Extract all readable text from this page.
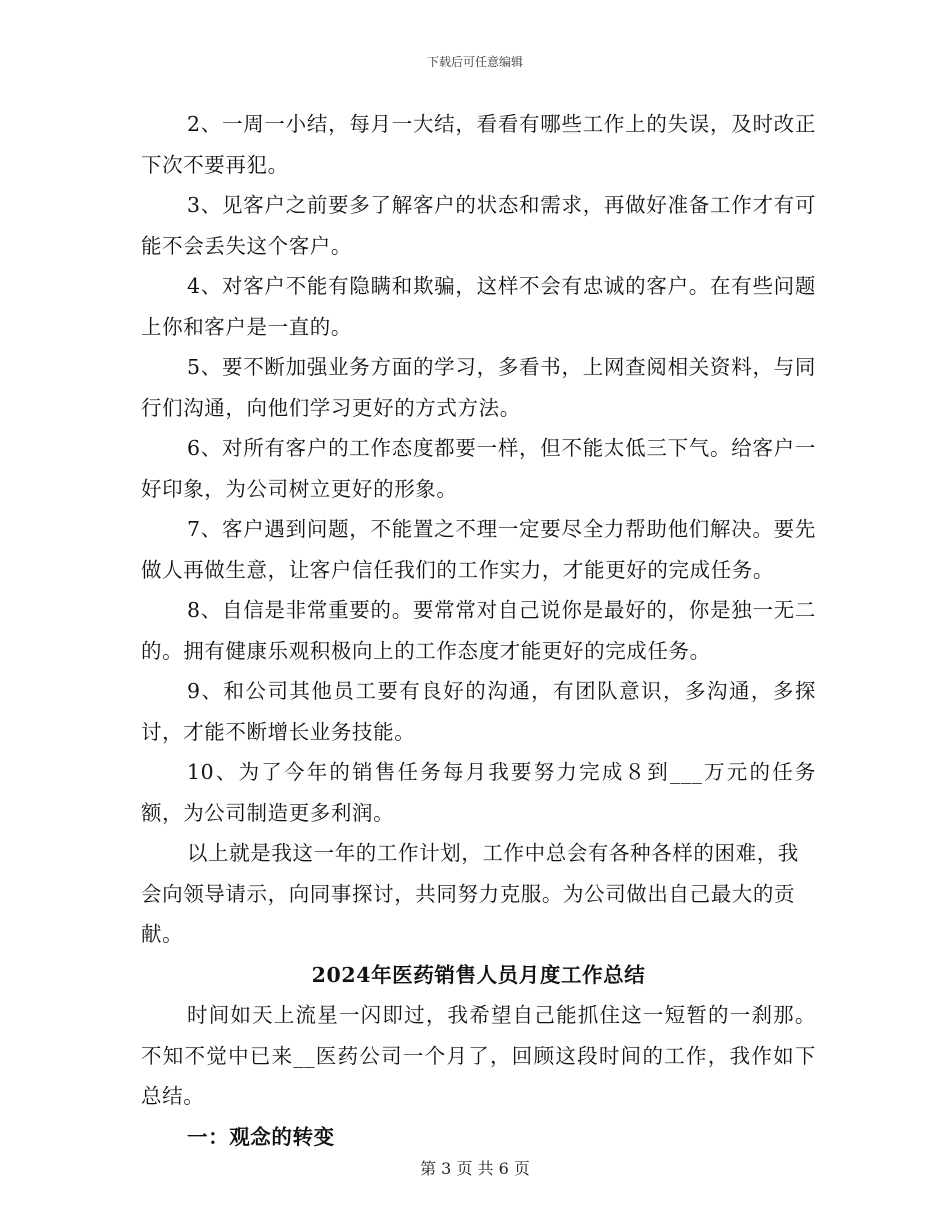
下载后可任意编辑

2、一周一小结，每月一大结，看看有哪些工作上的失误，及时改正下次不要再犯。

3、见客户之前要多了解客户的状态和需求，再做好准备工作才有可能不会丢失这个客户。

4、对客户不能有隐瞒和欺骗，这样不会有忠诚的客户。在有些问题上你和客户是一直的。

5、要不断加强业务方面的学习，多看书，上网查阅相关资料，与同行们沟通，向他们学习更好的方式方法。

6、对所有客户的工作态度都要一样，但不能太低三下气。给客户一好印象，为公司树立更好的形象。

7、客户遇到问题，不能置之不理一定要尽全力帮助他们解决。要先做人再做生意，让客户信任我们的工作实力，才能更好的完成任务。

8、自信是非常重要的。要常常对自己说你是最好的，你是独一无二的。拥有健康乐观积极向上的工作态度才能更好的完成任务。

9、和公司其他员工要有良好的沟通，有团队意识，多沟通，多探讨，才能不断增长业务技能。

10、为了今年的销售任务每月我要努力完成８到___万元的任务额，为公司制造更多利润。

以上就是我这一年的工作计划，工作中总会有各种各样的困难，我会向领导请示，向同事探讨，共同努力克服。为公司做出自己最大的贡献。

2024年医药销售人员月度工作总结

时间如天上流星一闪即过，我希望自己能抓住这一短暂的一刹那。不知不觉中已来__医药公司一个月了，回顾这段时间的工作，我作如下总结。

一：观念的转变
第 3 页 共 6 页
